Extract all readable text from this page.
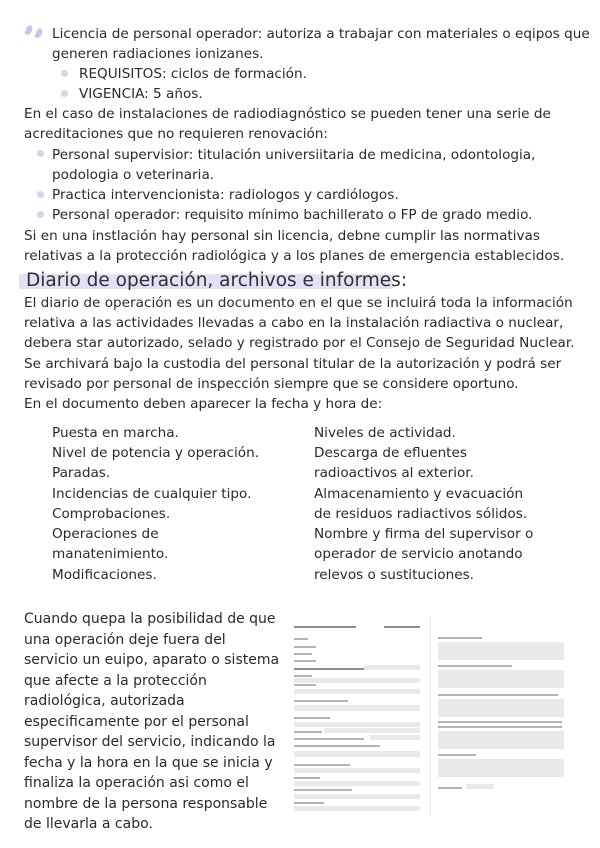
Licencia de personal operador: autoriza a trabajar con materiales o eqipos que
generen radiaciones ionizanes.
REQUISITOS: ciclos de formación.
VIGENCIA: 5 años.
En el caso de instalaciones de radiodiagnóstico se pueden tener una serie de
acreditaciones que no requieren renovación:
Personal supervisior: titulación universiitaria de medicina, odontologia,
podologia o veterinaria.
Practica intervencionista: radiologos y cardiólogos.
Personal operador: requisito mínimo bachillerato o FP de grado medio.
Si en una instlación hay personal sin licencia, debne cumplir las normativas
relativas a la protección radiológica y a los planes de emergencia establecidos.
Diario de operación, archivos e informes:
El diario de operación es un documento en el que se incluirá toda la información
relativa a las actividades llevadas a cabo en la instalación radiactiva o nuclear,
debera star autorizado, selado y registrado por el Consejo de Seguridad Nuclear.
Se archivará bajo la custodia del personal titular de la autorización y podrá ser
revisado por personal de inspección siempre que se considere oportuno.
En el documento deben aparecer la fecha y hora de:
Puesta en marcha.
Nivel de potencia y operación.
Paradas.
Incidencias de cualquier tipo.
Comprobaciones.
Operaciones de
manatenimiento.
Modificaciones.
Niveles de actividad.
Descarga de efluentes
radioactivos al exterior.
Almacenamiento y evacuación
de residuos radiactivos sólidos.
Nombre y firma del supervisor o
operador de servicio anotando
relevos o sustituciones.
Cuando quepa la posibilidad de que
una operación deje fuera del
servicio un euipo, aparato o sistema
que afecte a la protección
radiológica, autorizada
especificamente por el personal
supervisor del servicio, indicando la
fecha y la hora en la que se inicia y
finaliza la operación asi como el
nombre de la persona responsable
de llevarla a cabo.
